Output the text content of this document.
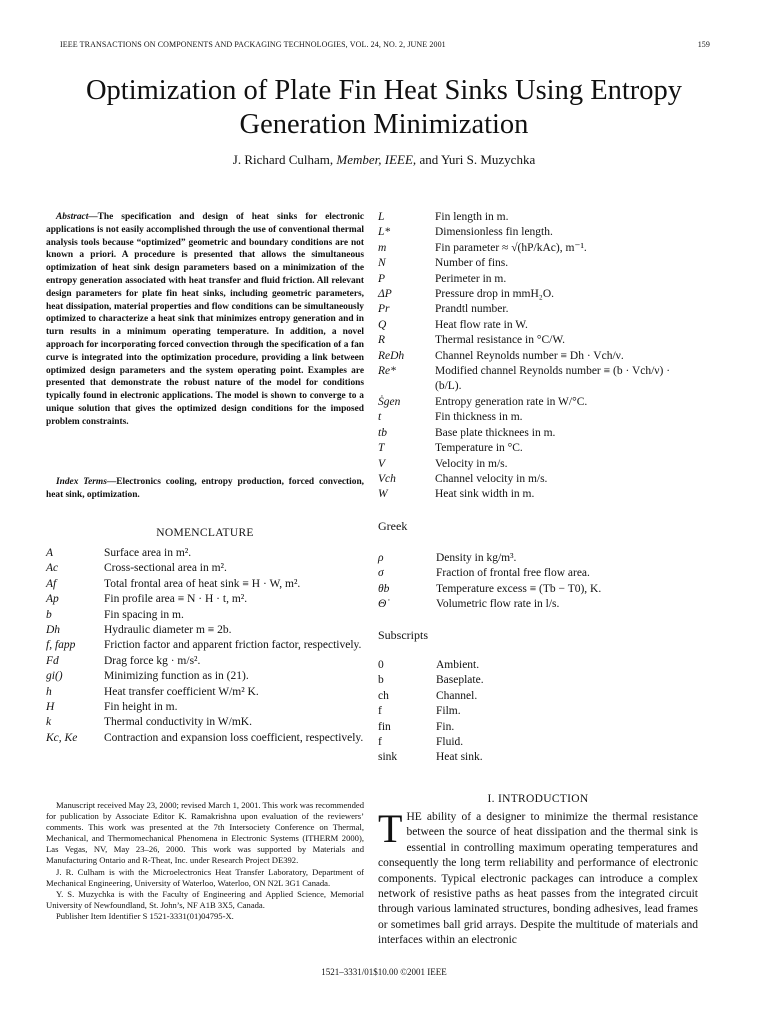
IEEE TRANSACTIONS ON COMPONENTS AND PACKAGING TECHNOLOGIES, VOL. 24, NO. 2, JUNE 2001	159
Optimization of Plate Fin Heat Sinks Using Entropy Generation Minimization
J. Richard Culham, Member, IEEE, and Yuri S. Muzychka
Abstract—The specification and design of heat sinks for electronic applications is not easily accomplished through the use of conventional thermal analysis tools because “optimized” geometric and boundary conditions are not known a priori. A procedure is presented that allows the simultaneous optimization of heat sink design parameters based on a minimization of the entropy generation associated with heat transfer and fluid friction. All relevant design parameters for plate fin heat sinks, including geometric parameters, heat dissipation, material properties and flow conditions can be simultaneously optimized to characterize a heat sink that minimizes entropy generation and in turn results in a minimum operating temperature. In addition, a novel approach for incorporating forced convection through the specification of a fan curve is integrated into the optimization procedure, providing a link between optimized design parameters and the system operating point. Examples are presented that demonstrate the robust nature of the model for conditions typically found in electronic applications. The model is shown to converge to a unique solution that gives the optimized design conditions for the imposed problem constraints.
Index Terms—Electronics cooling, entropy production, forced convection, heat sink, optimization.
NOMENCLATURE
A	Surface area in m².
Ac	Cross-sectional area in m².
Af	Total frontal area of heat sink ≡ H · W, m².
Ap	Fin profile area ≡ N · H · t, m².
b	Fin spacing in m.
Dh	Hydraulic diameter m ≡ 2b.
f, fapp	Friction factor and apparent friction factor, respectively.
Fd	Drag force kg · m/s².
gi()	Minimizing function as in (21).
h	Heat transfer coefficient W/m² K.
H	Fin height in m.
k	Thermal conductivity in W/mK.
Kc, Ke	Contraction and expansion loss coefficient, respectively.
L	Fin length in m.
L*	Dimensionless fin length.
m	Fin parameter ≈ √(hP/kAc), m⁻¹.
N	Number of fins.
P	Perimeter in m.
ΔP	Pressure drop in mmH₂O.
Pr	Prandtl number.
Q	Heat flow rate in W.
R	Thermal resistance in °C/W.
ReDh	Channel Reynolds number ≡ Dh · Vch/ν.
Re*	Modified channel Reynolds number ≡ (b · Vch/ν) · (b/L).
Ṡgen	Entropy generation rate in W/°C.
t	Fin thickness in m.
tb	Base plate thicknees in m.
T	Temperature in °C.
V	Velocity in m/s.
Vch	Channel velocity in m/s.
W	Heat sink width in m.
Greek
ρ	Density in kg/m³.
σ	Fraction of frontal free flow area.
θb	Temperature excess ≡ (Tb − T0), K.
Θ̇	Volumetric flow rate in l/s.
Subscripts
0	Ambient.
b	Baseplate.
ch	Channel.
f	Film.
fin	Fin.
f	Fluid.
sink	Heat sink.

Manuscript received May 23, 2000; revised March 1, 2001. This work was recommended for publication by Associate Editor K. Ramakrishna upon evaluation of the reviewers’ comments. This work was presented at the 7th Intersociety Conference on Thermal, Mechanical, and Thermomechanical Phenomena in Electronic Systems (ITHERM 2000), Las Vegas, NV, May 23–26, 2000. This work was supported by Materials and Manufacturing Ontario and R-Theat, Inc. under Research Project DE392.

J. R. Culham is with the Microelectronics Heat Transfer Laboratory, Department of Mechanical Engineering, University of Waterloo, Waterloo, ON N2L 3G1 Canada.

Y. S. Muzychka is with the Faculty of Engineering and Applied Science, Memorial University of Newfoundland, St. John’s, NF A1B 3X5, Canada.

Publisher Item Identifier S 1521-3331(01)04795-X.

I. INTRODUCTION
THE ability of a designer to minimize the thermal resistance between the source of heat dissipation and the thermal sink is essential in controlling maximum operating temperatures and consequently the long term reliability and performance of electronic components. Typical electronic packages can introduce a complex network of resistive paths as heat passes from the integrated circuit through various laminated structures, bonding adhesives, lead frames or sometimes ball grid arrays. Despite the multitude of materials and interfaces within an electronic
1521–3331/01$10.00 ©2001 IEEE
